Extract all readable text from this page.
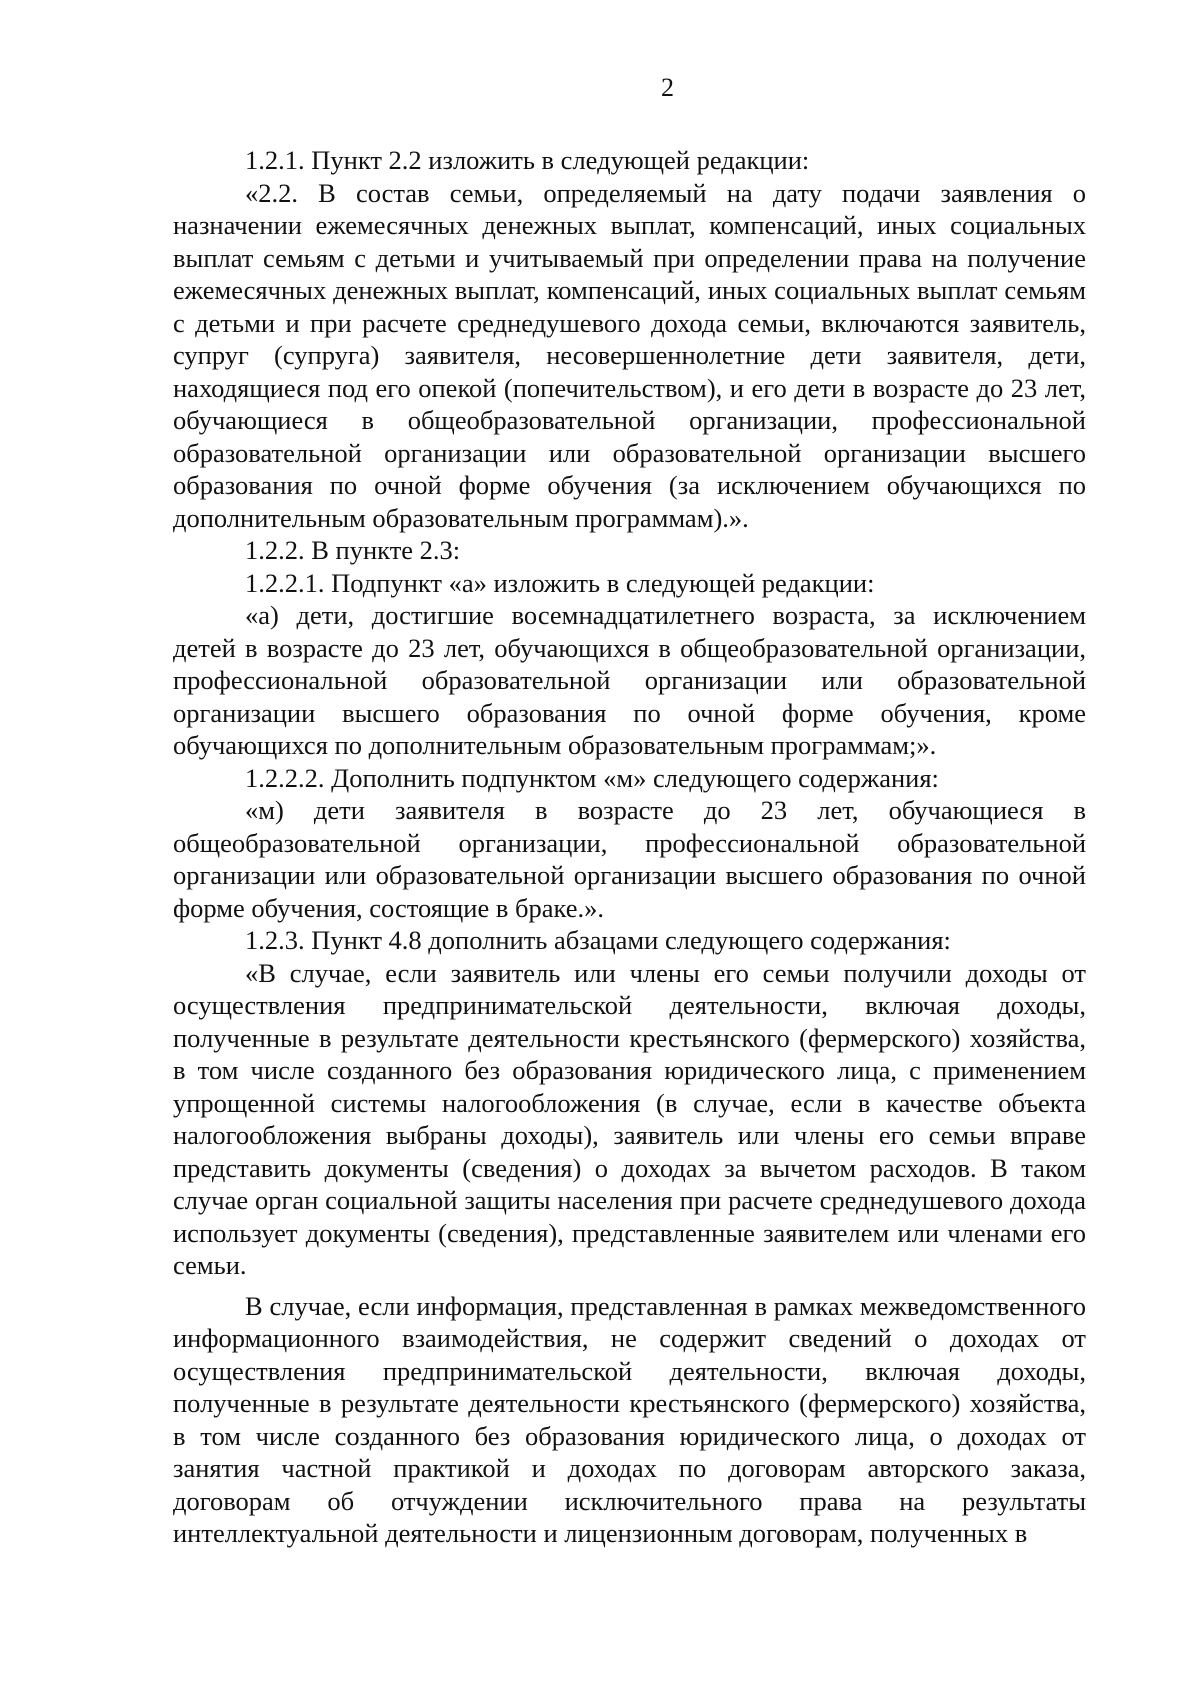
2

1.2.1. Пункт 2.2 изложить в следующей редакции:

«2.2. В состав семьи, определяемый на дату подачи заявления о назначении ежемесячных денежных выплат, компенсаций, иных социальных выплат семьям с детьми и учитываемый при определении права на получение ежемесячных денежных выплат, компенсаций, иных социальных выплат семьям с детьми и при расчете среднедушевого дохода семьи, включаются заявитель, супруг (супруга) заявителя, несовершеннолетние дети заявителя, дети, находящиеся под его опекой (попечительством), и его дети в возрасте до 23 лет, обучающиеся в общеобразовательной организации, профессиональной образовательной организации или образовательной организации высшего образования по очной форме обучения (за исключением обучающихся по дополнительным образовательным программам).».

1.2.2. В пункте 2.3:

1.2.2.1. Подпункт «а» изложить в следующей редакции:

«а) дети, достигшие восемнадцатилетнего возраста, за исключением детей в возрасте до 23 лет, обучающихся в общеобразовательной организации, профессиональной образовательной организации или образовательной организации высшего образования по очной форме обучения, кроме обучающихся по дополнительным образовательным программам;».

1.2.2.2. Дополнить подпунктом «м» следующего содержания:

«м) дети заявителя в возрасте до 23 лет, обучающиеся в общеобразовательной организации, профессиональной образовательной организации или образовательной организации высшего образования по очной форме обучения, состоящие в браке.».

1.2.3. Пункт 4.8 дополнить абзацами следующего содержания:

«В случае, если заявитель или члены его семьи получили доходы от осуществления предпринимательской деятельности, включая доходы, полученные в результате деятельности крестьянского (фермерского) хозяйства, в том числе созданного без образования юридического лица, с применением упрощенной системы налогообложения (в случае, если в качестве объекта налогообложения выбраны доходы), заявитель или члены его семьи вправе представить документы (сведения) о доходах за вычетом расходов. В таком случае орган социальной защиты населения при расчете среднедушевого дохода использует документы (сведения), представленные заявителем или членами его семьи.

В случае, если информация, представленная в рамках межведомственного информационного взаимодействия, не содержит сведений о доходах от осуществления предпринимательской деятельности, включая доходы, полученные в результате деятельности крестьянского (фермерского) хозяйства, в том числе созданного без образования юридического лица, о доходах от занятия частной практикой и доходах по договорам авторского заказа, договорам об отчуждении исключительного права на результаты интеллектуальной деятельности и лицензионным договорам, полученных в
